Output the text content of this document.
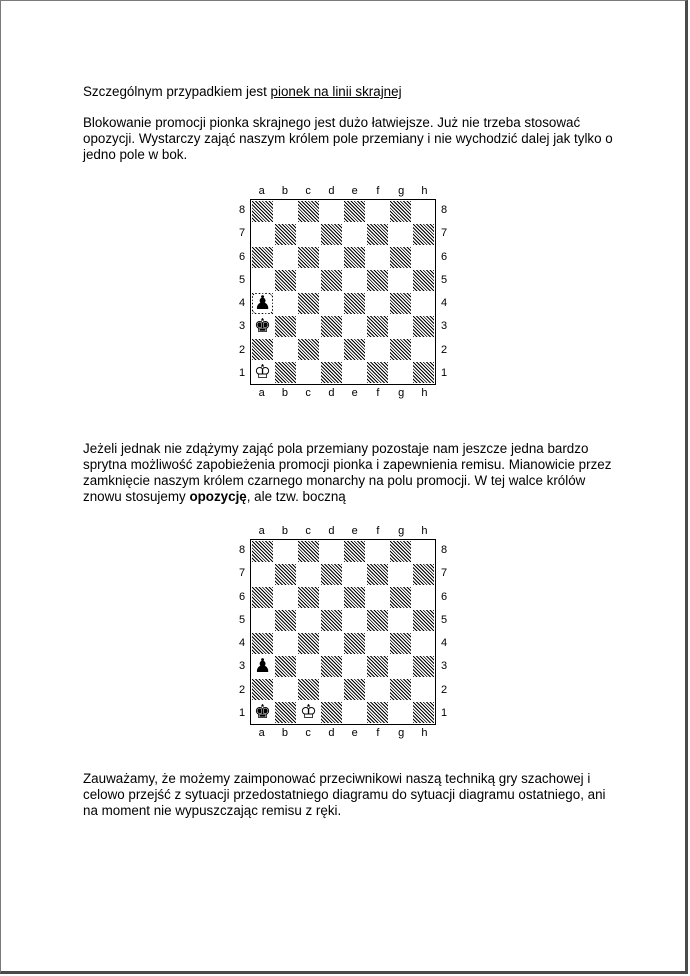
Szczególnym przypadkiem jest pionek na linii skrajnej

Blokowanie promocji pionka skrajnego jest dużo łatwiejsze. Już nie trzeba stosować opozycji. Wystarczy zająć naszym królem pole przemiany i nie wychodzić dalej jak tylko o jedno pole w bok.

a	b	c	d	e	f	g	h
a	b	c	d	e	f	g	h
8
7
6
5
4
3
2
1
8
7
6
5
4
3
2
1
♟
♚
♔

Jeżeli jednak nie zdążymy zająć pola przemiany pozostaje nam jeszcze jedna bardzo sprytna możliwość zapobieżenia promocji pionka i zapewnienia remisu. Mianowicie przez zamknięcie naszym królem czarnego monarchy na polu promocji. W tej walce królów znowu stosujemy opozycję, ale tzw. boczną

a	b	c	d	e	f	g	h
a	b	c	d	e	f	g	h
8
7
6
5
4
3
2
1
8
7
6
5
4
3
2
1
♟
♚ ♔

Zauważamy, że możemy zaimponować przeciwnikowi naszą techniką gry szachowej i celowo przejść z sytuacji przedostatniego diagramu do sytuacji diagramu ostatniego, ani na moment nie wypuszczając remisu z ręki.
